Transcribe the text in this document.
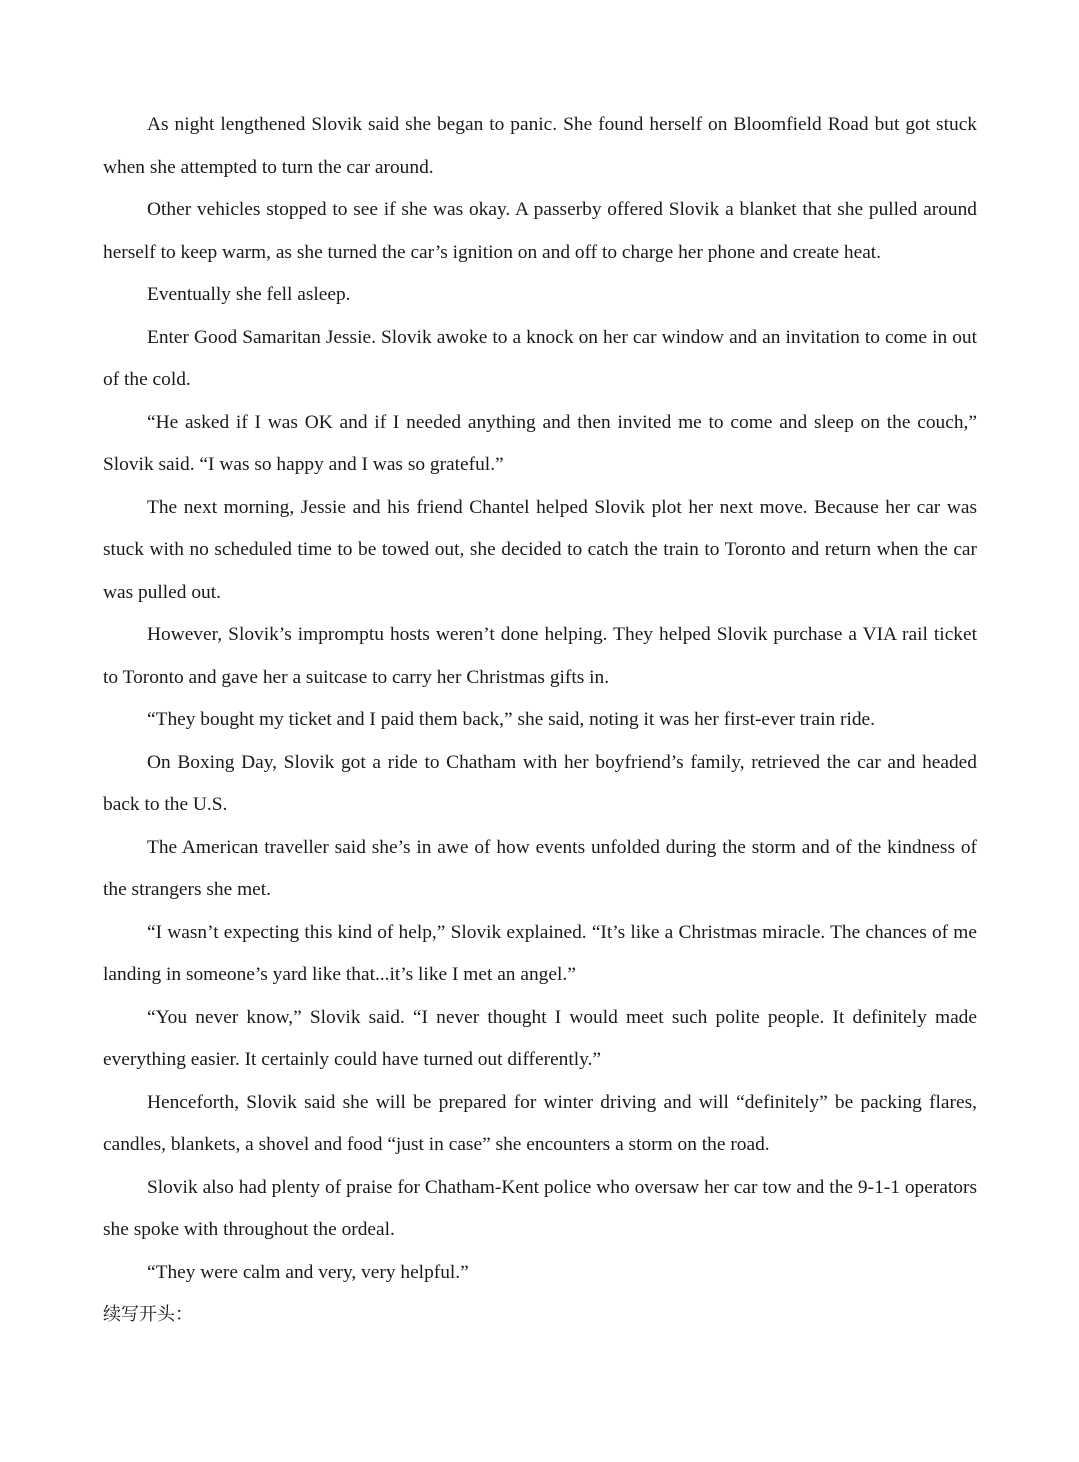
As night lengthened Slovik said she began to panic. She found herself on Bloomfield Road but got stuck when she attempted to turn the car around.

Other vehicles stopped to see if she was okay. A passerby offered Slovik a blanket that she pulled around herself to keep warm, as she turned the car’s ignition on and off to charge her phone and create heat.

Eventually she fell asleep.

Enter Good Samaritan Jessie. Slovik awoke to a knock on her car window and an invitation to come in out of the cold.

“He asked if I was OK and if I needed anything and then invited me to come and sleep on the couch,” Slovik said. “I was so happy and I was so grateful.”

The next morning, Jessie and his friend Chantel helped Slovik plot her next move. Because her car was stuck with no scheduled time to be towed out, she decided to catch the train to Toronto and return when the car was pulled out.

However, Slovik’s impromptu hosts weren’t done helping. They helped Slovik purchase a VIA rail ticket to Toronto and gave her a suitcase to carry her Christmas gifts in.

“They bought my ticket and I paid them back,” she said, noting it was her first-ever train ride.

On Boxing Day, Slovik got a ride to Chatham with her boyfriend’s family, retrieved the car and headed back to the U.S.

The American traveller said she’s in awe of how events unfolded during the storm and of the kindness of the strangers she met.

“I wasn’t expecting this kind of help,” Slovik explained. “It’s like a Christmas miracle. The chances of me landing in someone’s yard like that...it’s like I met an angel.”

“You never know,” Slovik said. “I never thought I would meet such polite people. It definitely made everything easier. It certainly could have turned out differently.”

Henceforth, Slovik said she will be prepared for winter driving and will “definitely” be packing flares, candles, blankets, a shovel and food “just in case” she encounters a storm on the road.

Slovik also had plenty of praise for Chatham-Kent police who oversaw her car tow and the 9-1-1 operators she spoke with throughout the ordeal.

“They were calm and very, very helpful.”

续写开头：
